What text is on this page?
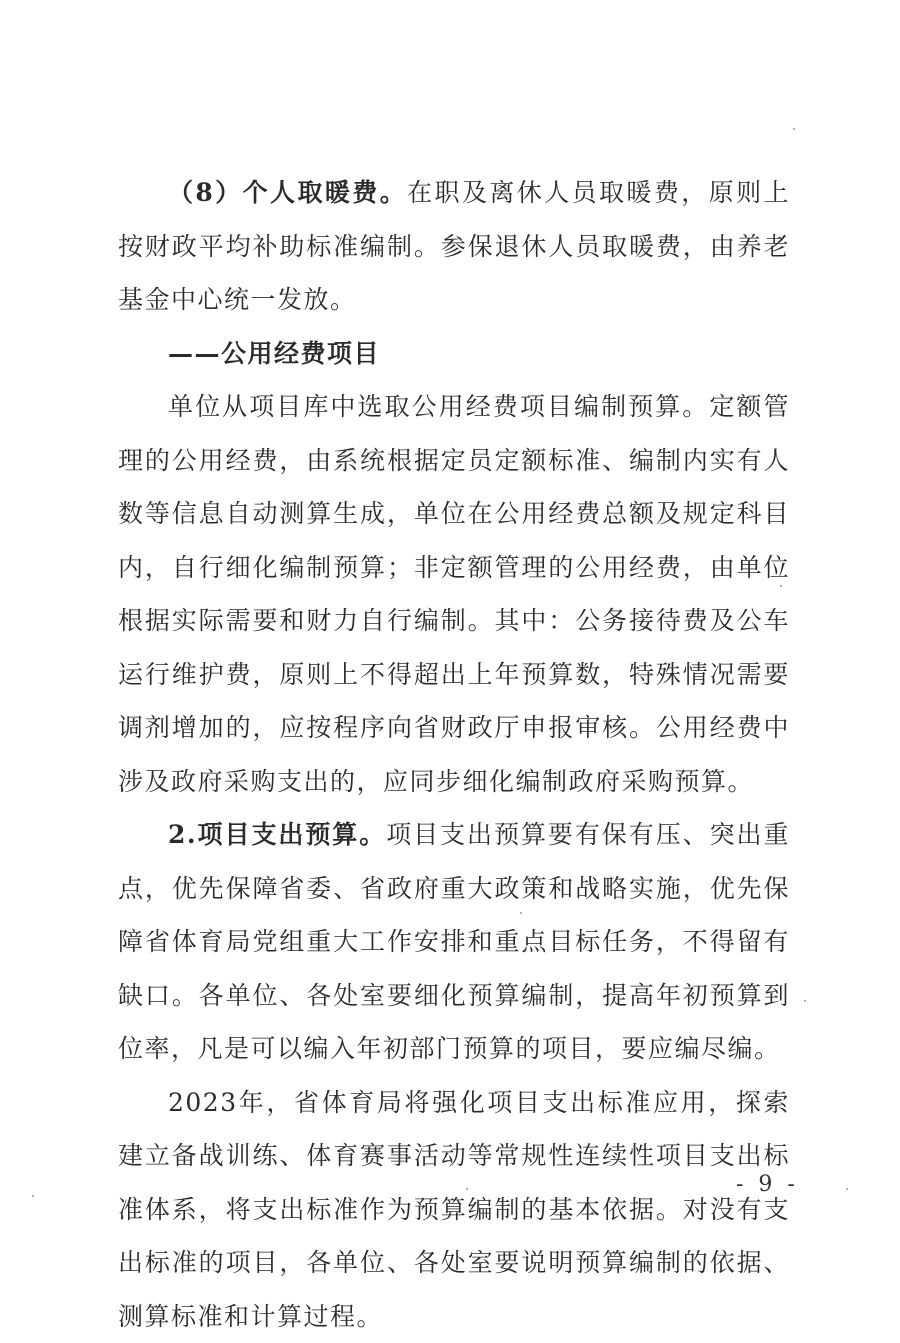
（8）个人取暖费。在职及离休人员取暖费，原则上按财政平均补助标准编制。参保退休人员取暖费，由养老基金中心统一发放。

——公用经费项目

单位从项目库中选取公用经费项目编制预算。定额管理的公用经费，由系统根据定员定额标准、编制内实有人数等信息自动测算生成，单位在公用经费总额及规定科目内，自行细化编制预算；非定额管理的公用经费，由单位根据实际需要和财力自行编制。其中：公务接待费及公车运行维护费，原则上不得超出上年预算数，特殊情况需要调剂增加的，应按程序向省财政厅申报审核。公用经费中涉及政府采购支出的，应同步细化编制政府采购预算。

2.项目支出预算。项目支出预算要有保有压、突出重点，优先保障省委、省政府重大政策和战略实施，优先保障省体育局党组重大工作安排和重点目标任务，不得留有缺口。各单位、各处室要细化预算编制，提高年初预算到位率，凡是可以编入年初部门预算的项目，要应编尽编。

2023年，省体育局将强化项目支出标准应用，探索建立备战训练、体育赛事活动等常规性连续性项目支出标准体系，将支出标准作为预算编制的基本依据。对没有支出标准的项目，各单位、各处室要说明预算编制的依据、测算标准和计算过程。

- 9 -
